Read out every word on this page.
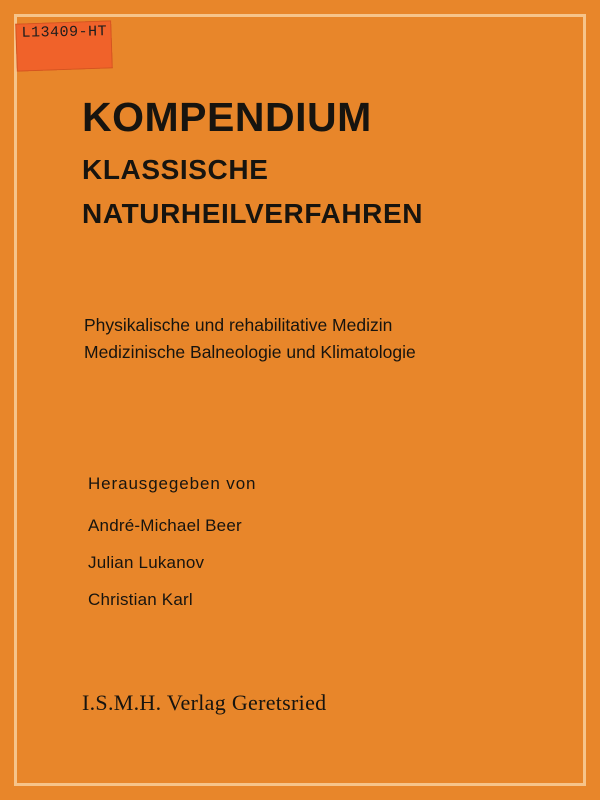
L13409-HT
KOMPENDIUM
KLASSISCHE
NATURHEILVERFAHREN
Physikalische und rehabilitative Medizin
Medizinische Balneologie und Klimatologie
Herausgegeben von
André-Michael Beer
Julian Lukanov
Christian Karl
I.S.M.H. Verlag Geretsried
